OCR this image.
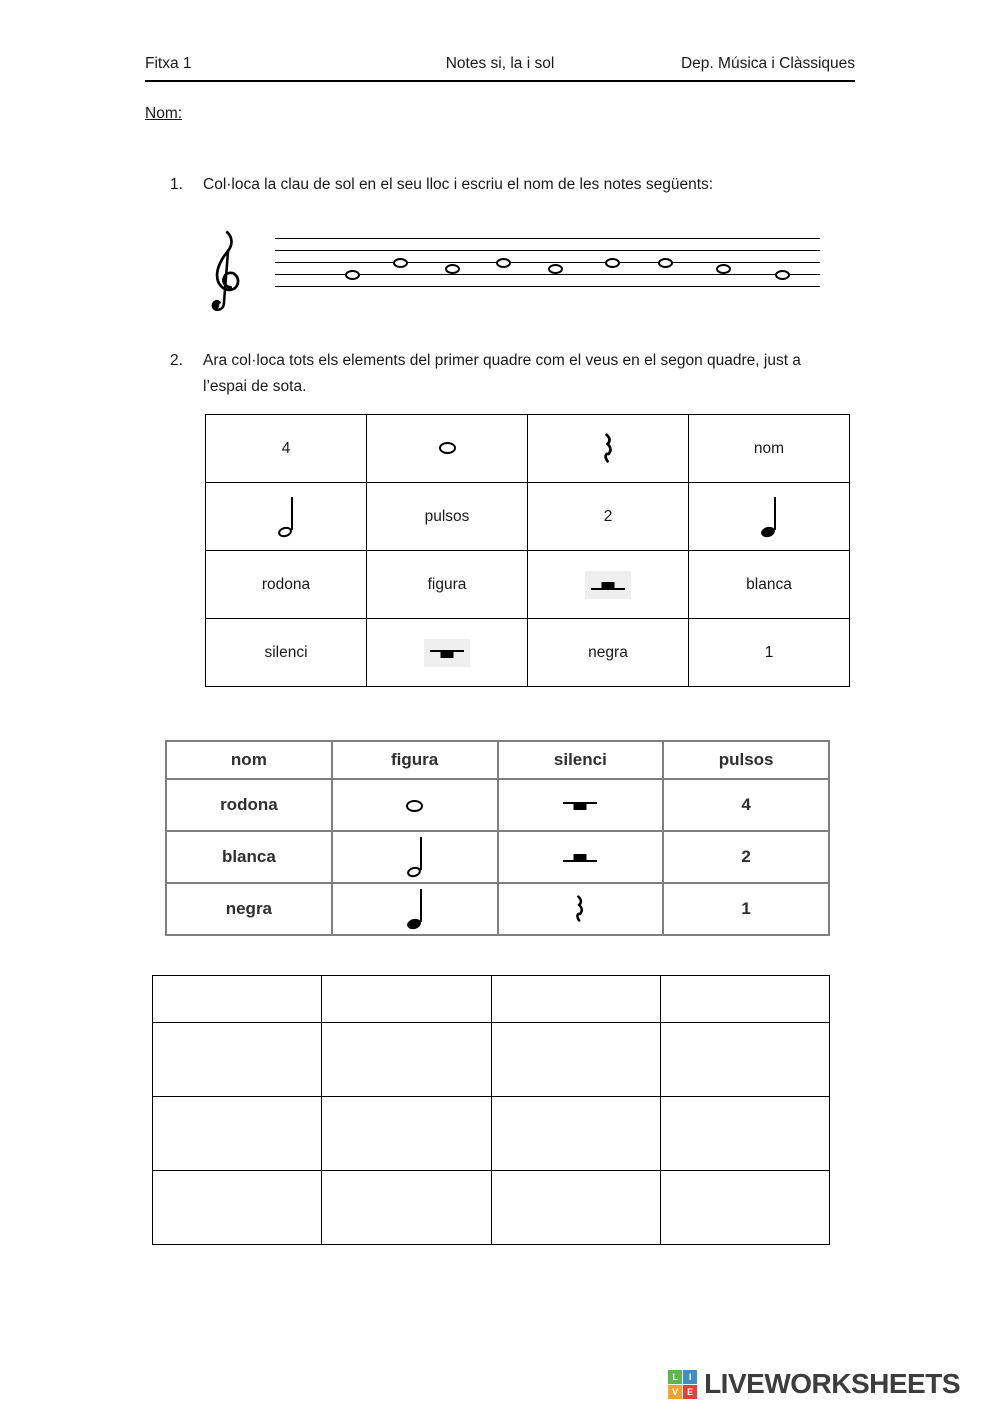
Fitxa 1	Notes si, la i sol	Dep. Música i Clàssiques
Nom:
1.	Col·loca la clau de sol en el seu lloc i escriu el nom de les notes següents:
2.	Ara col·loca tots els elements del primer quadre com el veus en el segon quadre, just a
l’espai de sota.
4			nom
	pulsos	2	
rodona	figura		blanca
silenci		negra	1
nom	figura	silenci	pulsos
rodona			4
blanca			2
negra			1

L	I
V E LIVEWORKSHEETS
